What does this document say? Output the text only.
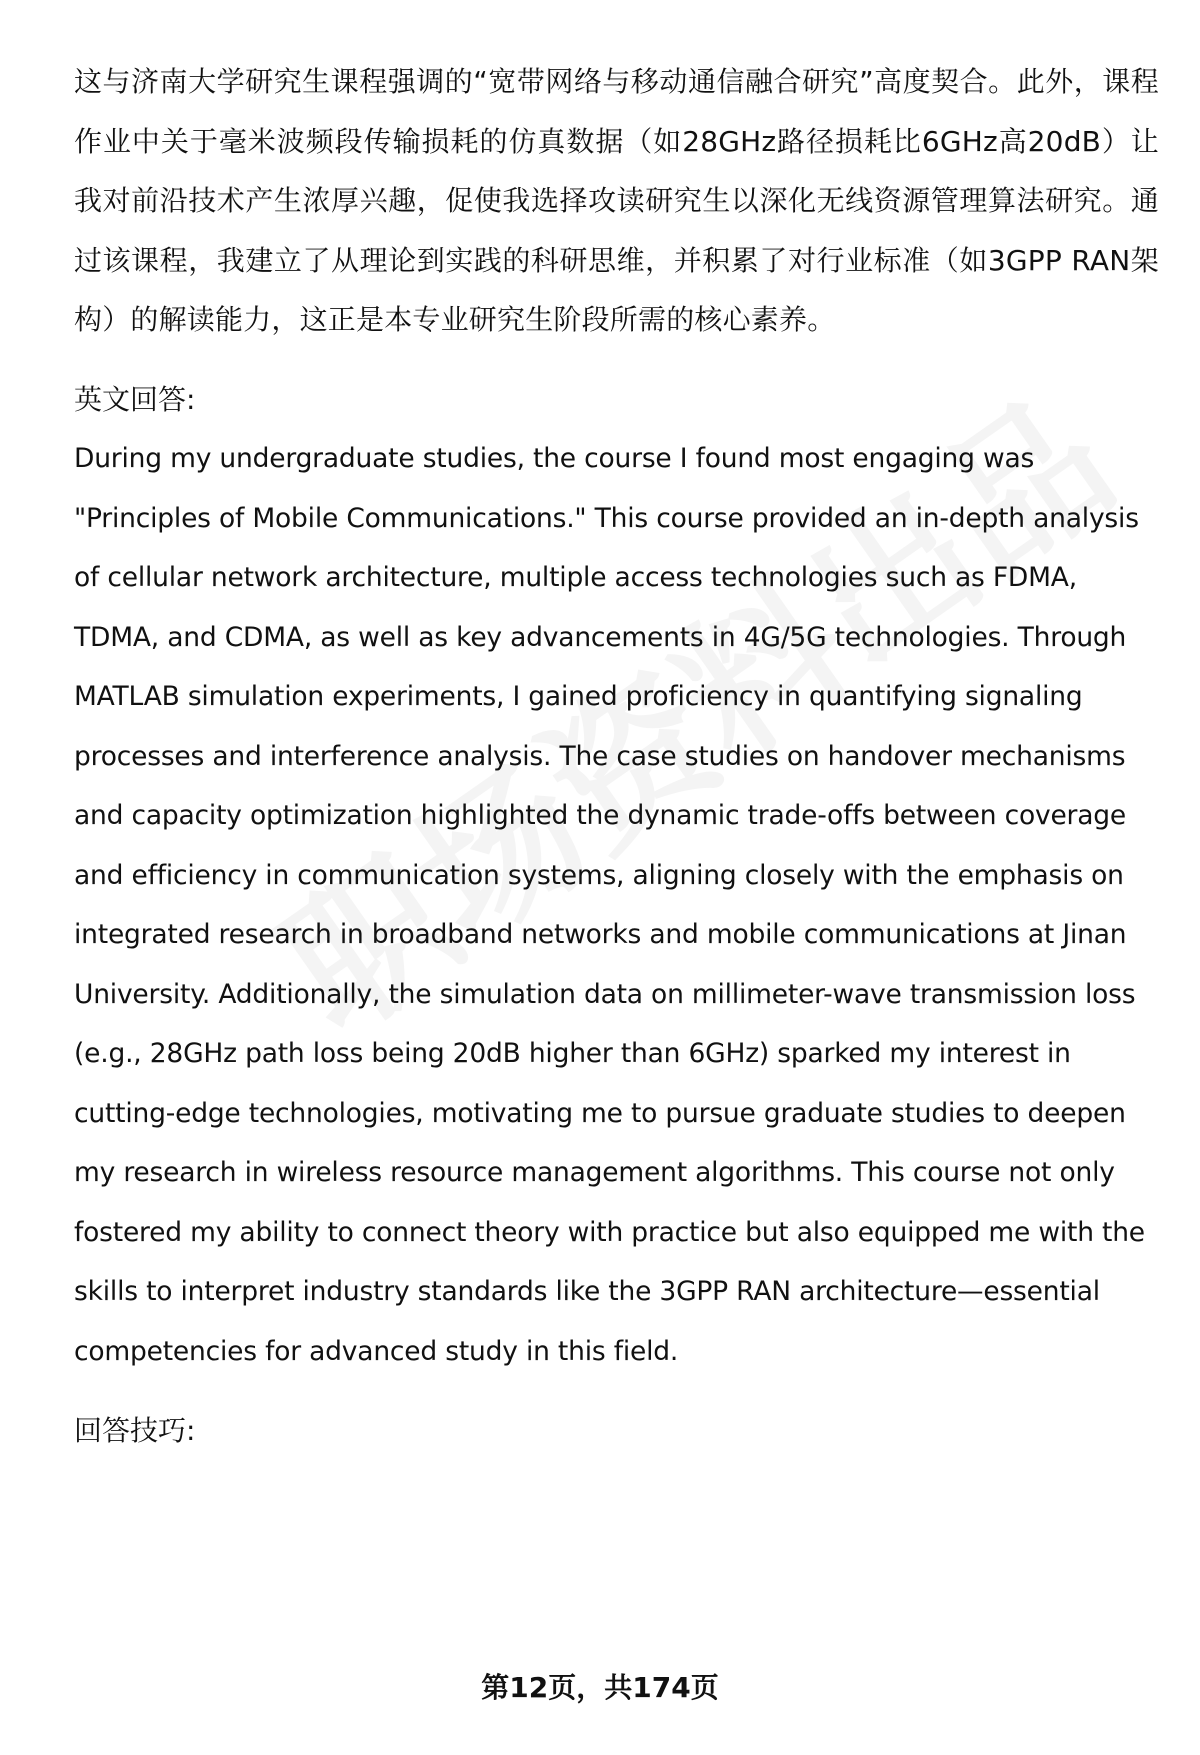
这与济南大学研究生课程强调的“宽带网络与移动通信融合研究”高度契合。此外，课程作业中关于毫米波频段传输损耗的仿真数据（如28GHz路径损耗比6GHz高20dB）让我对前沿技术产生浓厚兴趣，促使我选择攻读研究生以深化无线资源管理算法研究。通过该课程，我建立了从理论到实践的科研思维，并积累了对行业标准（如3GPP RAN架构）的解读能力，这正是本专业研究生阶段所需的核心素养。

英文回答:

During my undergraduate studies, the course I found most engaging was "Principles of Mobile Communications." This course provided an in-depth analysis of cellular network architecture, multiple access technologies such as FDMA, TDMA, and CDMA, as well as key advancements in 4G/5G technologies. Through MATLAB simulation experiments, I gained proficiency in quantifying signaling processes and interference analysis. The case studies on handover mechanisms and capacity optimization highlighted the dynamic trade-offs between coverage and efficiency in communication systems, aligning closely with the emphasis on integrated research in broadband networks and mobile communications at Jinan University. Additionally, the simulation data on millimeter-wave transmission loss (e.g., 28GHz path loss being 20dB higher than 6GHz) sparked my interest in cutting-edge technologies, motivating me to pursue graduate studies to deepen my research in wireless resource management algorithms. This course not only fostered my ability to connect theory with practice but also equipped me with the skills to interpret industry standards like the 3GPP RAN architecture—essential competencies for advanced study in this field.

回答技巧:

第12页，共174页
